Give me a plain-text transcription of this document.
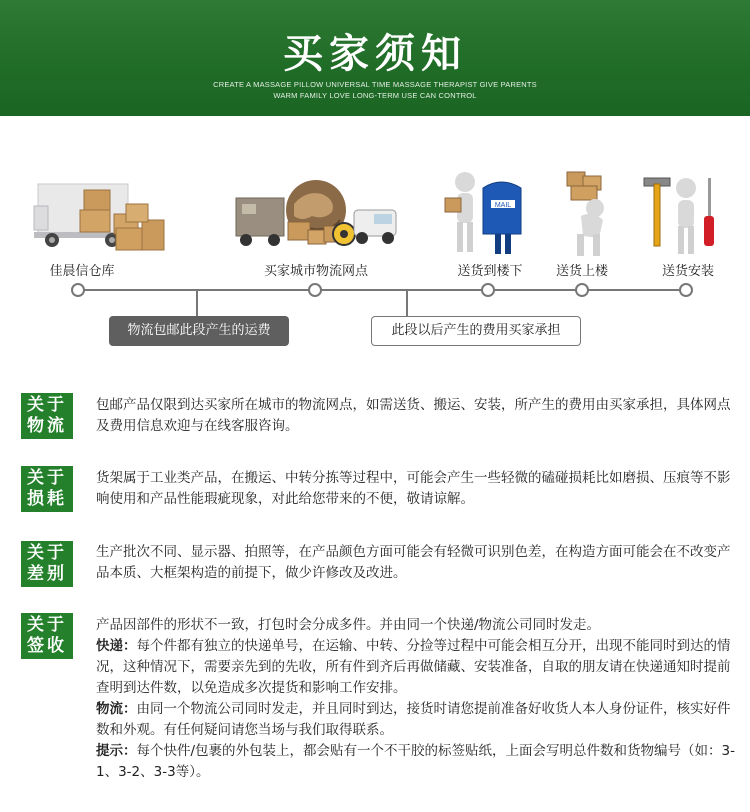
买家须知
CREATE A MASSAGE PILLOW UNIVERSAL TIME MASSAGE THERAPIST GIVE PARENTS
WARM FAMILY LOVE LONG-TERM USE CAN CONTROL
MAIL
佳晨信仓库	买家城市物流网点	送货到楼下	送货上楼	送货安装
物流包邮此段产生的运费	此段以后产生的费用买家承担
关于
物流

包邮产品仅限到达买家所在城市的物流网点，如需送货、搬运、安装，所产生的费用由买家承担，具体网点及费用信息欢迎与在线客服咨询。

关于
损耗

货架属于工业类产品，在搬运、中转分拣等过程中，可能会产生一些轻微的磕碰损耗比如磨损、压痕等不影响使用和产品性能瑕疵现象，对此给您带来的不便，敬请谅解。

关于
差别

生产批次不同、显示器、拍照等，在产品颜色方面可能会有轻微可识别色差，在构造方面可能会在不改变产品本质、大框架构造的前提下，做少许修改及改进。

关于
签收

产品因部件的形状不一致，打包时会分成多件。并由同一个快递/物流公司同时发走。

快递：每个件都有独立的快递单号，在运输、中转、分捡等过程中可能会相互分开，出现不能同时到达的情况，这种情况下，需要亲先到的先收，所有件到齐后再做储藏、安装准备，自取的朋友请在快递通知时提前查明到达件数，以免造成多次提货和影响工作安排。

物流：由同一个物流公司同时发走，并且同时到达，接货时请您提前准备好收货人本人身份证件，核实好件数和外观。有任何疑问请您当场与我们取得联系。

提示：每个快件/包裹的外包装上，都会贴有一个不干胶的标签贴纸，上面会写明总件数和货物编号（如：3-1、3-2、3-3等）。
